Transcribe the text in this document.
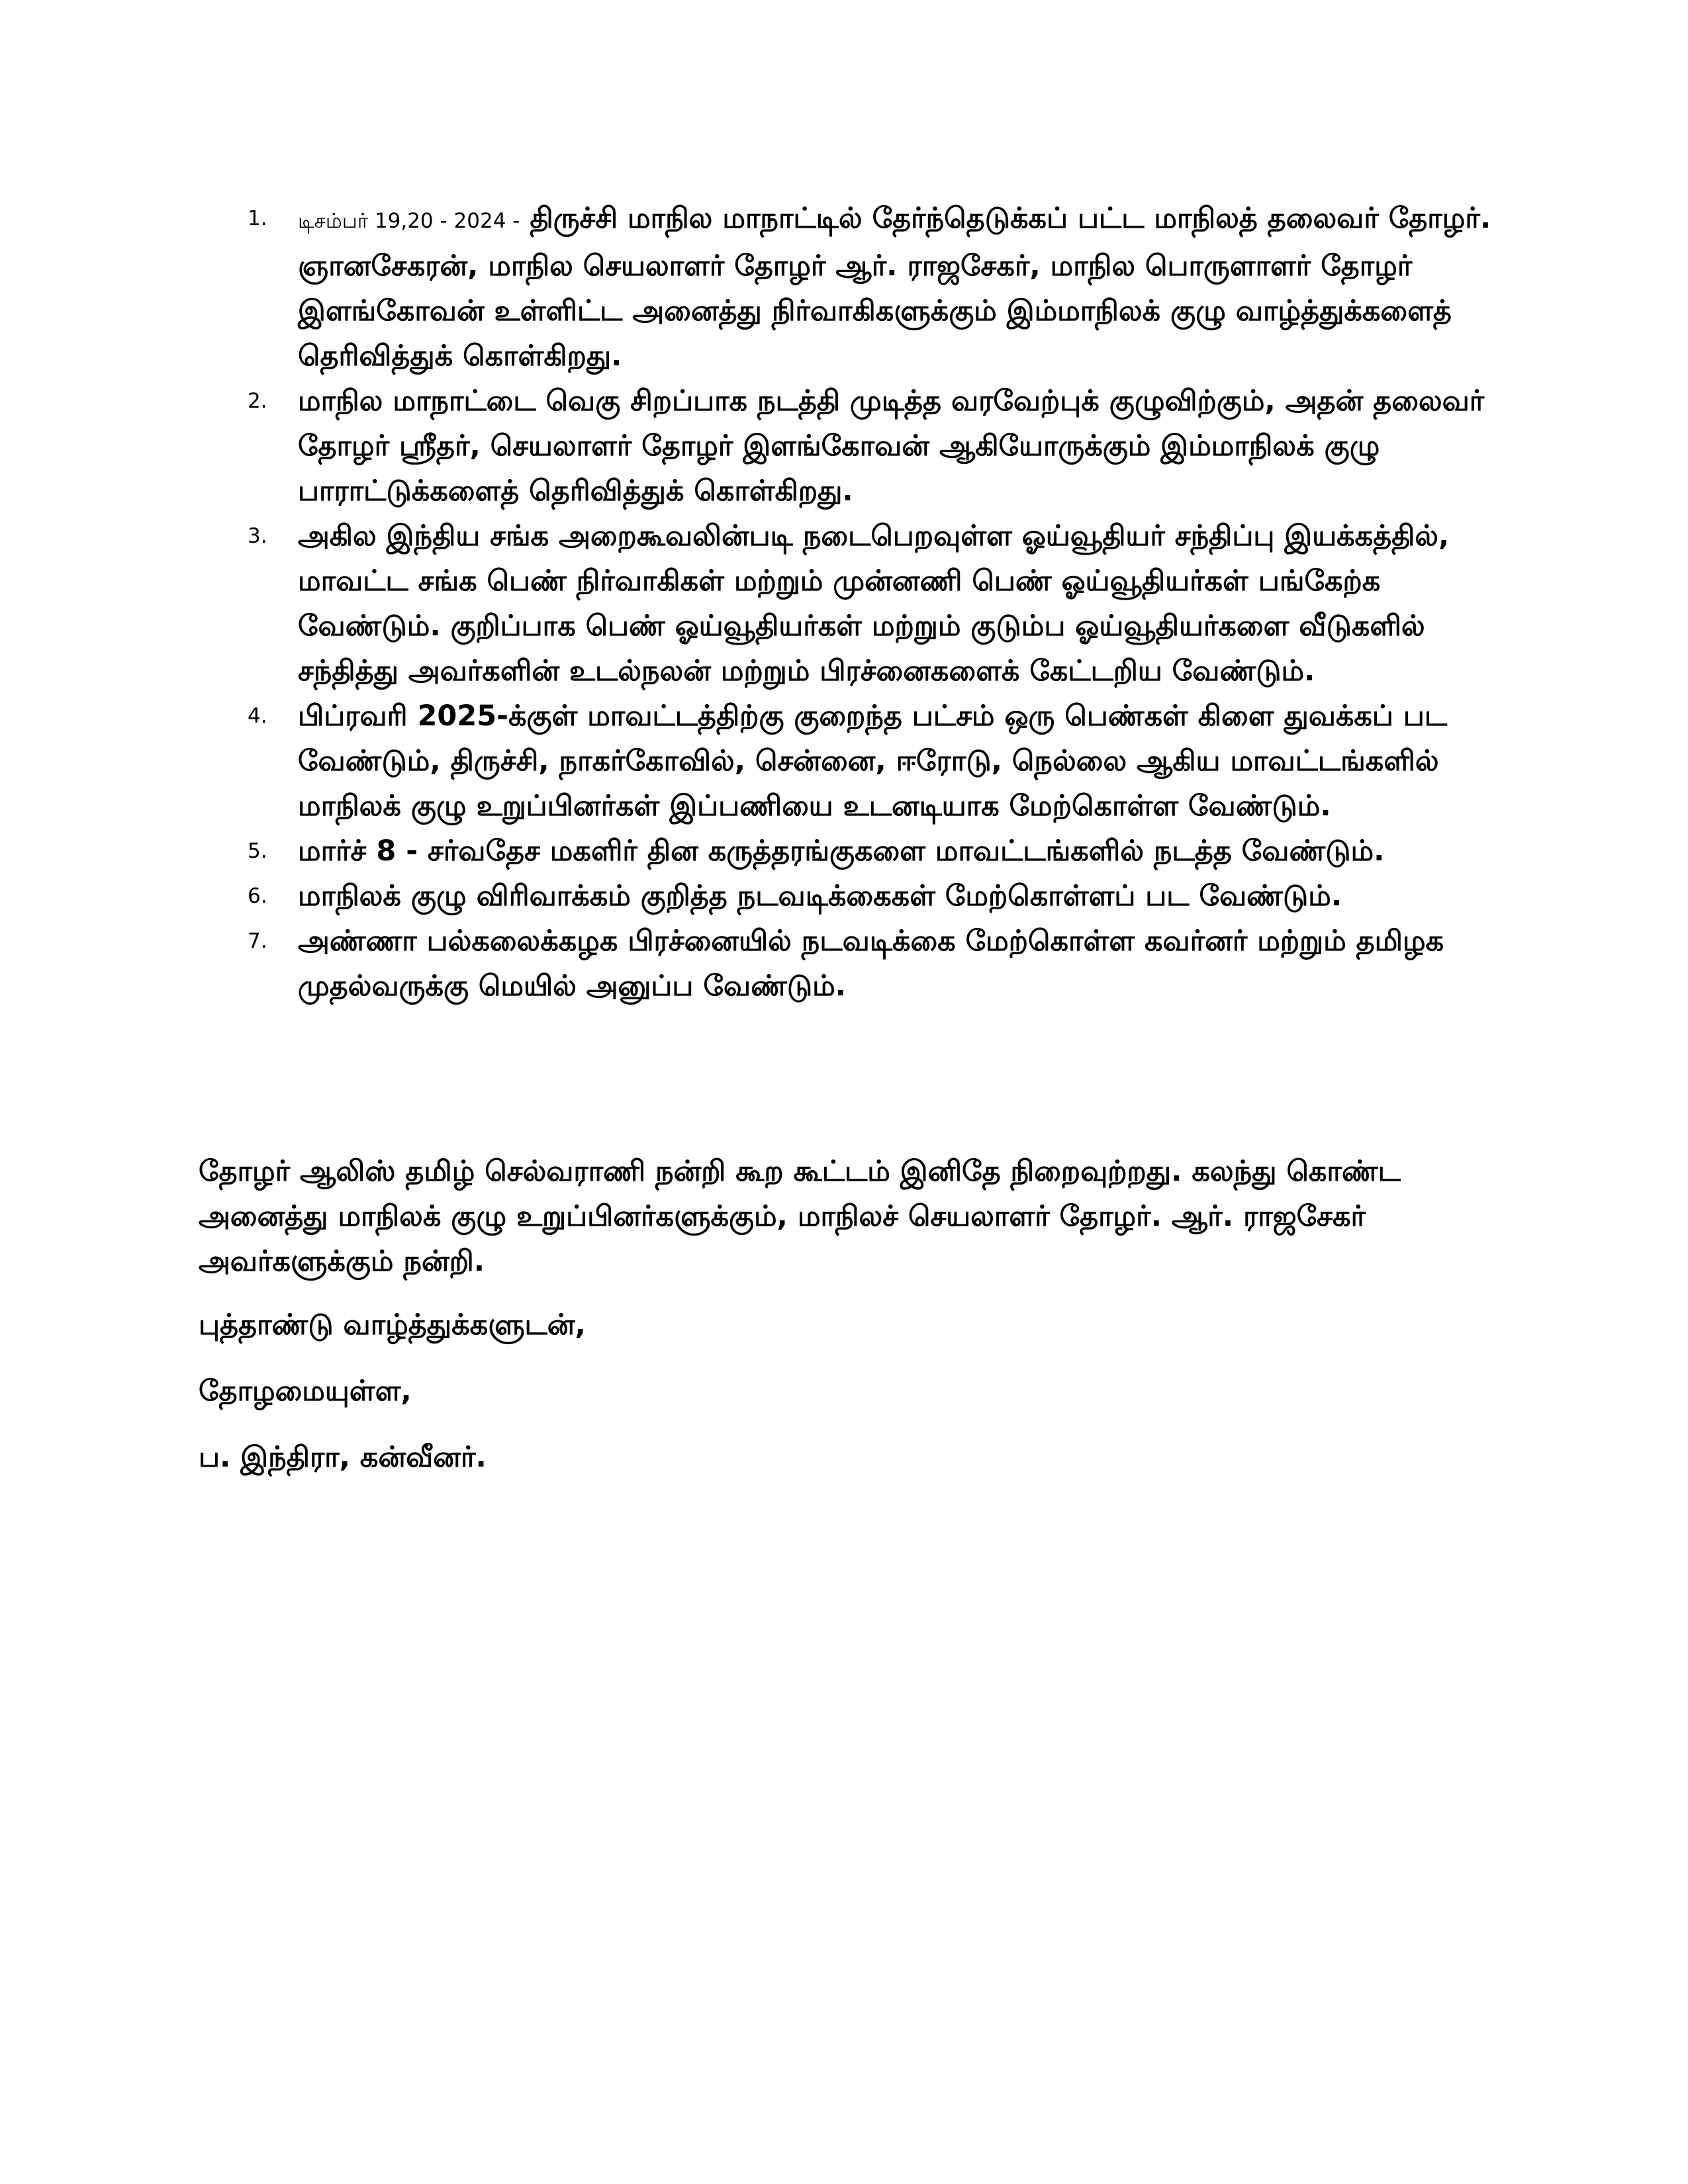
1. டிசம்பர் 19,20 - 2024 - திருச்சி மாநில மாநாட்டில் தேர்ந்தெடுக்கப் பட்ட மாநிலத் தலைவர் தோழர். ஞானசேகரன், மாநில செயலாளர் தோழர் ஆர். ராஜசேகர், மாநில பொருளாளர் தோழர் இளங்கோவன் உள்ளிட்ட அனைத்து நிர்வாகிகளுக்கும் இம்மாநிலக் குழு வாழ்த்துக்களைத் தெரிவித்துக் கொள்கிறது.
2. மாநில மாநாட்டை வெகு சிறப்பாக நடத்தி முடித்த வரவேற்புக் குழுவிற்கும், அதன் தலைவர் தோழர் ஸ்ரீதர், செயலாளர் தோழர் இளங்கோவன் ஆகியோருக்கும் இம்மாநிலக் குழு பாராட்டுக்களைத் தெரிவித்துக் கொள்கிறது.
3. அகில இந்திய சங்க அறைகூவலின்படி நடைபெறவுள்ள ஓய்வூதியர் சந்திப்பு இயக்கத்தில், மாவட்ட சங்க பெண் நிர்வாகிகள் மற்றும் முன்னணி பெண் ஓய்வூதியர்கள் பங்கேற்க வேண்டும். குறிப்பாக பெண் ஓய்வூதியர்கள் மற்றும் குடும்ப ஓய்வூதியர்களை வீடுகளில் சந்தித்து அவர்களின் உடல்நலன் மற்றும் பிரச்னைகளைக் கேட்டறிய வேண்டும்.
4. பிப்ரவரி 2025-க்குள் மாவட்டத்திற்கு குறைந்த பட்சம் ஒரு பெண்கள் கிளை துவக்கப் பட வேண்டும், திருச்சி, நாகர்கோவில், சென்னை, ஈரோடு, நெல்லை ஆகிய மாவட்டங்களில் மாநிலக் குழு உறுப்பினர்கள் இப்பணியை உடனடியாக மேற்கொள்ள வேண்டும்.
5. மார்ச் 8 - சர்வதேச மகளிர் தின கருத்தரங்குகளை மாவட்டங்களில் நடத்த வேண்டும்.
6. மாநிலக் குழு விரிவாக்கம் குறித்த நடவடிக்கைகள் மேற்கொள்ளப் பட வேண்டும்.
7. அண்ணா பல்கலைக்கழக பிரச்னையில் நடவடிக்கை மேற்கொள்ள கவர்னர் மற்றும் தமிழக முதல்வருக்கு மெயில் அனுப்ப வேண்டும்.

தோழர் ஆலிஸ் தமிழ் செல்வராணி நன்றி கூற கூட்டம் இனிதே நிறைவுற்றது. கலந்து கொண்ட அனைத்து மாநிலக் குழு உறுப்பினர்களுக்கும், மாநிலச் செயலாளர் தோழர். ஆர். ராஜசேகர் அவர்களுக்கும் நன்றி.

புத்தாண்டு வாழ்த்துக்களுடன்,

தோழமையுள்ள,

ப. இந்திரா, கன்வீனர்.
